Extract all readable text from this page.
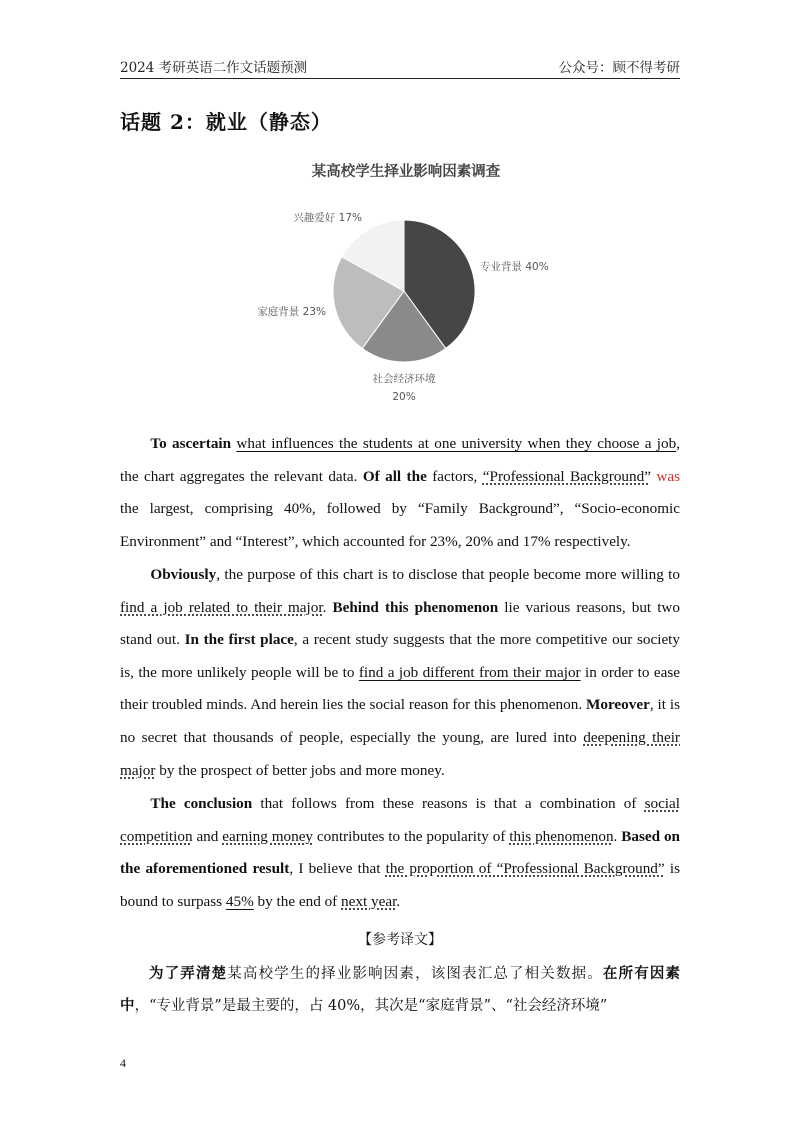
2024 考研英语二作文话题预测	公众号：顾不得考研
话题 2：就业（静态）
某高校学生择业影响因素调查
专业背景 40%
社会经济环境
20%
家庭背景 23%
兴趣爱好 17%
To ascertain what influences the students at one university when they choose a job, the chart aggregates the relevant data. Of all the factors, “Professional Background” was the largest, comprising 40%, followed by “Family Background”, “Socio-economic Environment” and “Interest”, which accounted for 23%, 20% and 17% respectively.
Obviously, the purpose of this chart is to disclose that people become more willing to find a job related to their major. Behind this phenomenon lie various reasons, but two stand out. In the first place, a recent study suggests that the more competitive our society is, the more unlikely people will be to find a job different from their major in order to ease their troubled minds. And herein lies the social reason for this phenomenon. Moreover, it is no secret that thousands of people, especially the young, are lured into deepening their major by the prospect of better jobs and more money.
The conclusion that follows from these reasons is that a combination of social competition and earning money contributes to the popularity of this phenomenon. Based on the aforementioned result, I believe that the proportion of “Professional Background” is bound to surpass 45% by the end of next year.
【参考译文】
为了弄清楚某高校学生的择业影响因素，该图表汇总了相关数据。在所有因素中，“专业背景”是最主要的，占 40%，其次是“家庭背景”、“社会经济环境”
4
